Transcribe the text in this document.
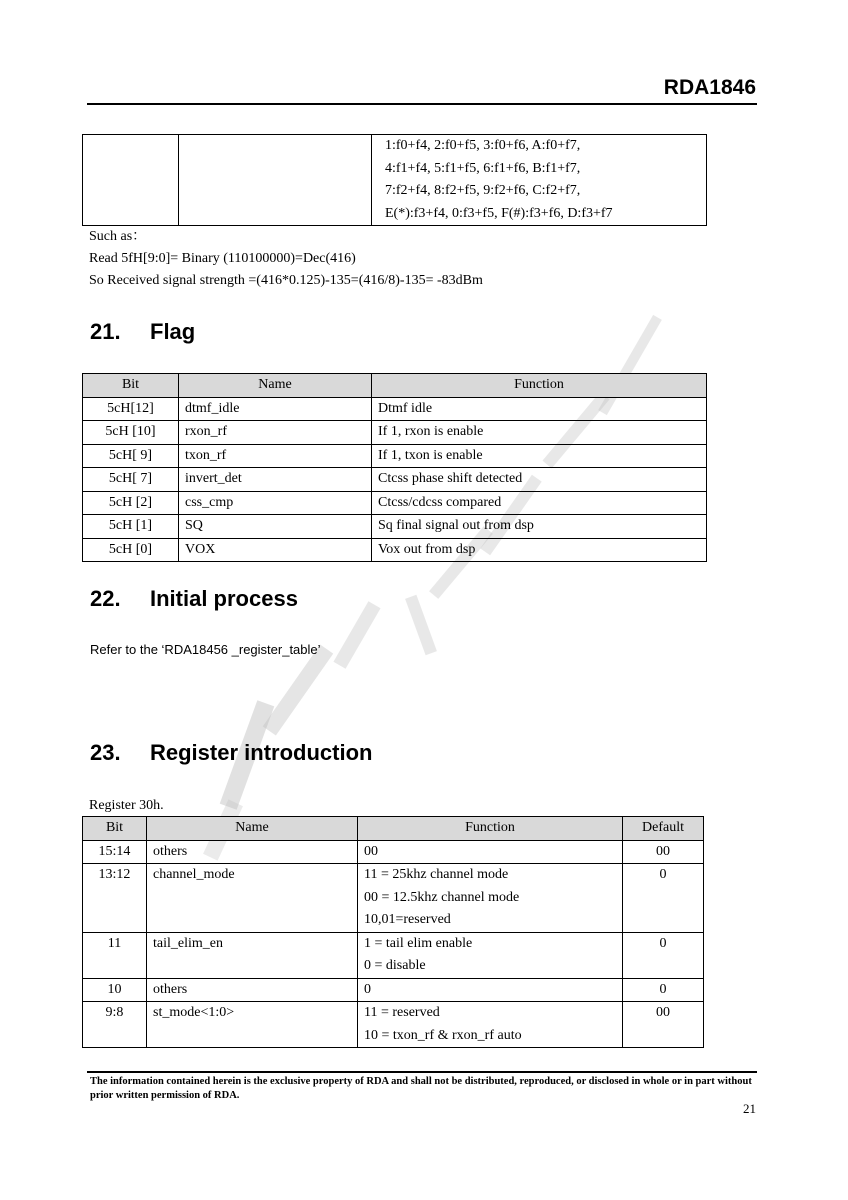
RDA1846

1:f0+f4, 2:f0+f5, 3:f0+f6, A:f0+f7,
4:f1+f4, 5:f1+f5, 6:f1+f6, B:f1+f7,
7:f2+f4, 8:f2+f5, 9:f2+f6, C:f2+f7,
E(*):f3+f4, 0:f3+f5, F(#):f3+f6, D:f3+f7
Such as：
Read 5fH[9:0]= Binary (110100000)=Dec(416)
So Received signal strength =(416*0.125)-135=(416/8)-135= -83dBm
21. Flag
Bit	Name	Function
5cH[12]	dtmf_idle	Dtmf idle
5cH [10]	rxon_rf	If 1, rxon is enable
5cH[ 9]	txon_rf	If 1, txon is enable
5cH[ 7]	invert_det	Ctcss phase shift detected
5cH [2]	css_cmp	Ctcss/cdcss compared
5cH [1]	SQ	Sq final signal out from dsp
5cH [0]	VOX	Vox out from dsp
22. Initial process
Refer to the ‘RDA18456 _register_table’
23. Register introduction
Register 30h.
Bit	Name	Function	Default
15:14	others	00	00
13:12	channel_mode	11 = 25khz channel mode
00 = 12.5khz channel mode
10,01=reserved	0
11	tail_elim_en	1 = tail elim enable
0 = disable	0
10	others	0	0
9:8	st_mode<1:0>	11 = reserved
10 = txon_rf & rxon_rf auto	00
The information contained herein is the exclusive property of RDA and shall not be distributed, reproduced, or disclosed in whole or in part without prior written permission of RDA.
21
